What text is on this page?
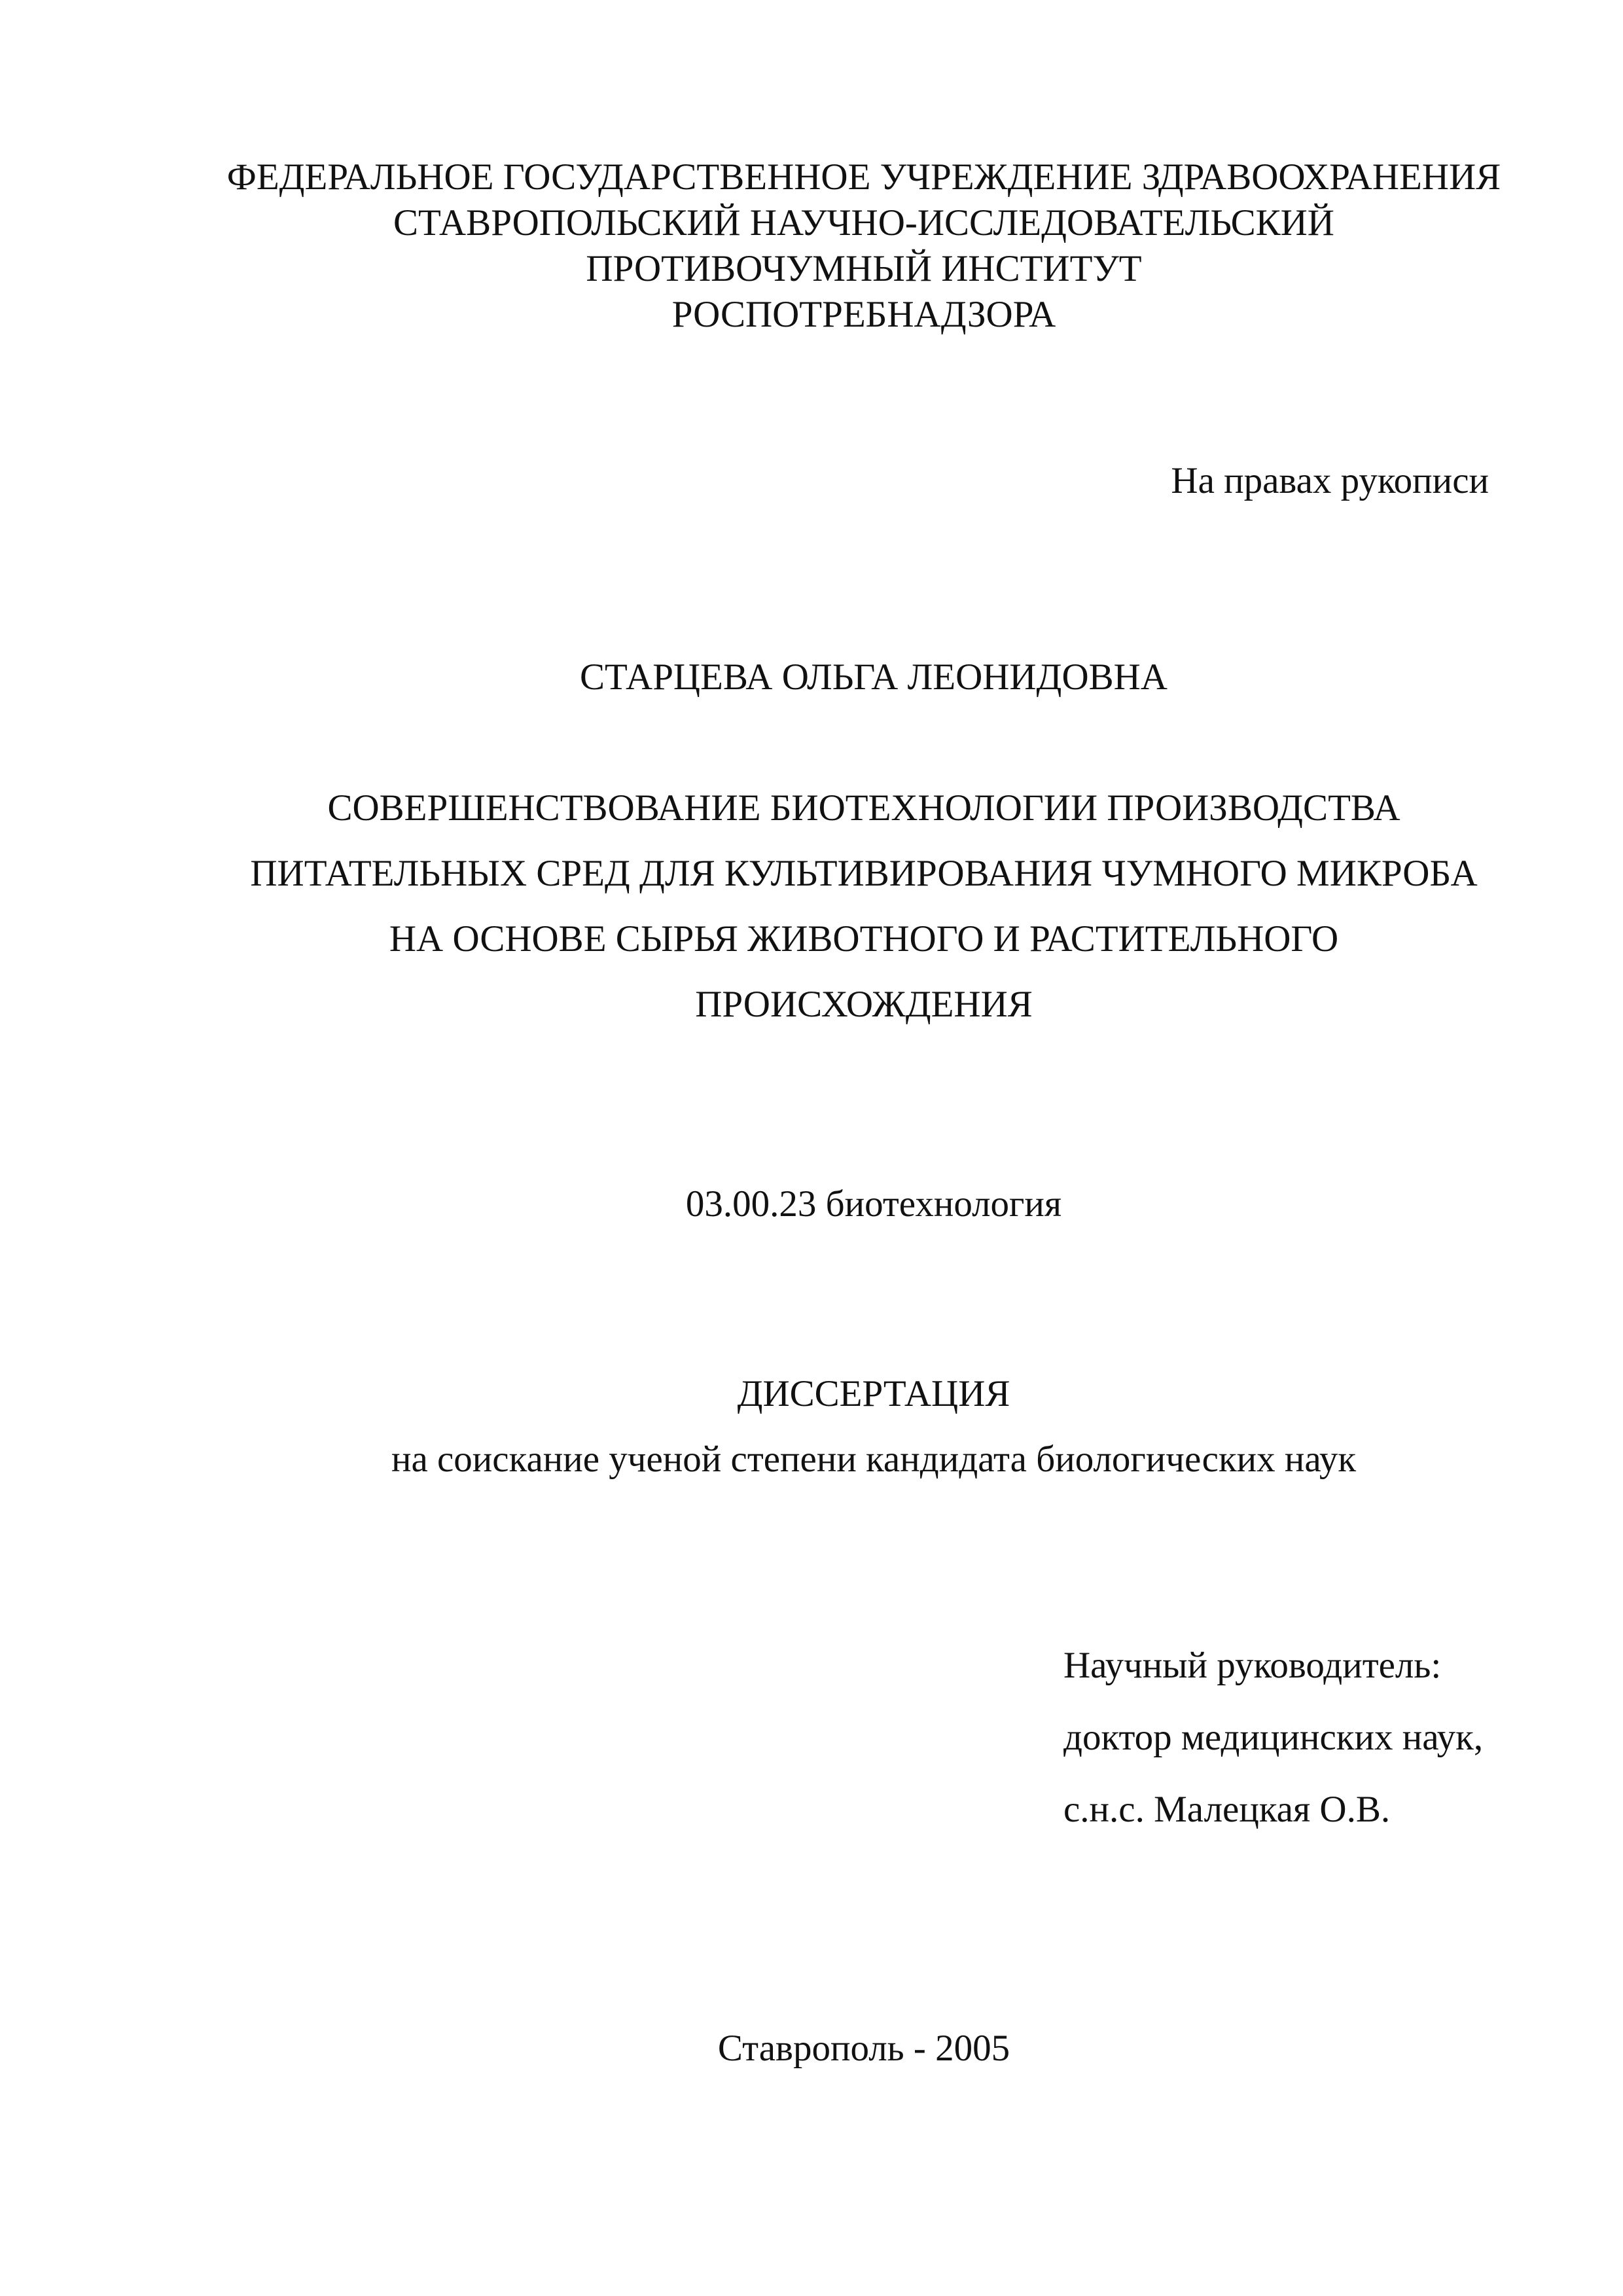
ФЕДЕРАЛЬНОЕ ГОСУДАРСТВЕННОЕ УЧРЕЖДЕНИЕ ЗДРАВООХРАНЕНИЯ
СТАВРОПОЛЬСКИЙ НАУЧНО-ИССЛЕДОВАТЕЛЬСКИЙ
ПРОТИВОЧУМНЫЙ ИНСТИТУТ
РОСПОТРЕБНАДЗОРА
На правах рукописи
СТАРЦЕВА ОЛЬГА ЛЕОНИДОВНА
СОВЕРШЕНСТВОВАНИЕ БИОТЕХНОЛОГИИ ПРОИЗВОДСТВА
ПИТАТЕЛЬНЫХ СРЕД ДЛЯ КУЛЬТИВИРОВАНИЯ ЧУМНОГО МИКРОБА
НА ОСНОВЕ СЫРЬЯ ЖИВОТНОГО И РАСТИТЕЛЬНОГО
ПРОИСХОЖДЕНИЯ
03.00.23 биотехнология
ДИССЕРТАЦИЯ
на соискание ученой степени кандидата биологических наук
Научный руководитель:
доктор медицинских наук,
с.н.с. Малецкая О.В.
Ставрополь - 2005
